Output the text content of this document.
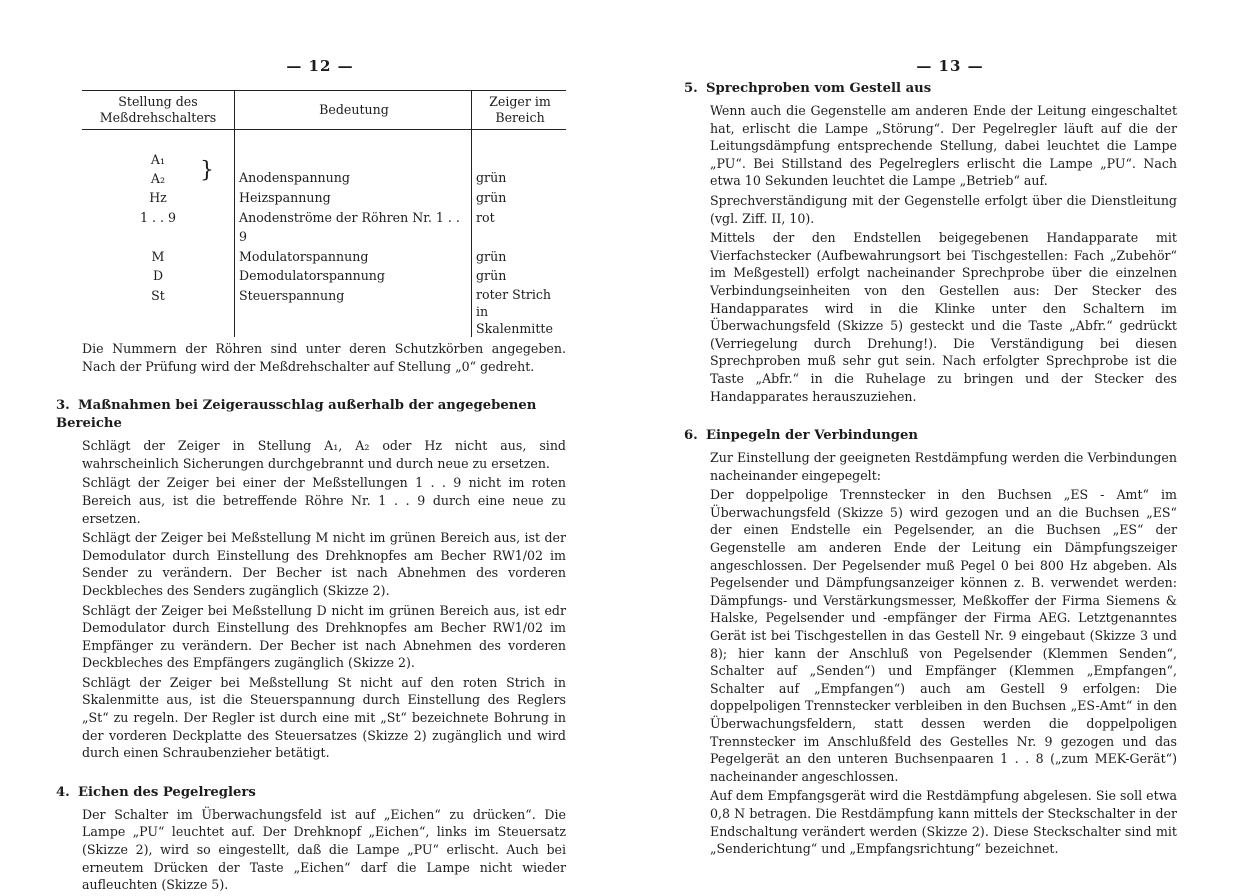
— 12 —
Stellung des Meßdrehschalters	Bedeutung	Zeiger im Bereich

A₁
A₂ }	Anodenspannung	grün
Hz	Heizspannung	grün
1 . . 9	Anodenströme der Röhren Nr. 1 . . 9	rot
M	Modulatorspannung	grün
D	Demodulatorspannung	grün
St	Steuerspannung	roter Strich in Skalenmitte

Die Nummern der Röhren sind unter deren Schutzkörben angegeben. Nach der Prüfung wird der Meßdrehschalter auf Stellung „0“ gedreht.

3. Maßnahmen bei Zeigerausschlag außerhalb der angegebenen Bereiche

Schlägt der Zeiger in Stellung A₁, A₂ oder Hz nicht aus, sind wahrscheinlich Sicherungen durchgebrannt und durch neue zu ersetzen.

Schlägt der Zeiger bei einer der Meßstellungen 1 . . 9 nicht im roten Bereich aus, ist die betreffende Röhre Nr. 1 . . 9 durch eine neue zu ersetzen.

Schlägt der Zeiger bei Meßstellung M nicht im grünen Bereich aus, ist der Demodulator durch Einstellung des Drehknopfes am Becher RW1/02 im Sender zu verändern. Der Becher ist nach Abnehmen des vorderen Deckbleches des Senders zugänglich (Skizze 2).

Schlägt der Zeiger bei Meßstellung D nicht im grünen Bereich aus, ist edr Demodulator durch Einstellung des Drehknopfes am Becher RW1/02 im Empfänger zu verändern. Der Becher ist nach Abnehmen des vorderen Deckbleches des Empfängers zugänglich (Skizze 2).

Schlägt der Zeiger bei Meßstellung St nicht auf den roten Strich in Skalenmitte aus, ist die Steuerspannung durch Einstellung des Reglers „St“ zu regeln. Der Regler ist durch eine mit „St“ bezeichnete Bohrung in der vorderen Deckplatte des Steuersatzes (Skizze 2) zugänglich und wird durch einen Schraubenzieher betätigt.

4. Eichen des Pegelreglers

Der Schalter im Überwachungsfeld ist auf „Eichen“ zu drücken“. Die Lampe „PU“ leuchtet auf. Der Drehknopf „Eichen“, links im Steuersatz (Skizze 2), wird so eingestellt, daß die Lampe „PU“ erlischt. Auch bei erneutem Drücken der Taste „Eichen“ darf die Lampe nicht wieder aufleuchten (Skizze 5).

— 13 —
5. Sprechproben vom Gestell aus

Wenn auch die Gegenstelle am anderen Ende der Leitung eingeschaltet hat, erlischt die Lampe „Störung“. Der Pegelregler läuft auf die der Leitungsdämpfung entsprechende Stellung, dabei leuchtet die Lampe „PU“. Bei Stillstand des Pegelreglers erlischt die Lampe „PU“. Nach etwa 10 Sekunden leuchtet die Lampe „Betrieb“ auf.

Sprechverständigung mit der Gegenstelle erfolgt über die Dienstleitung (vgl. Ziff. II, 10).

Mittels der den Endstellen beigegebenen Handapparate mit Vierfachstecker (Aufbewahrungsort bei Tischgestellen: Fach „Zubehör“ im Meßgestell) erfolgt nacheinander Sprechprobe über die einzelnen Verbindungseinheiten von den Gestellen aus: Der Stecker des Handapparates wird in die Klinke unter den Schaltern im Überwachungsfeld (Skizze 5) gesteckt und die Taste „Abfr.“ gedrückt (Verriegelung durch Drehung!). Die Verständigung bei diesen Sprechproben muß sehr gut sein. Nach erfolgter Sprechprobe ist die Taste „Abfr.“ in die Ruhelage zu bringen und der Stecker des Handapparates herauszuziehen.

6. Einpegeln der Verbindungen

Zur Einstellung der geeigneten Restdämpfung werden die Verbindungen nacheinander eingepegelt:

Der doppelpolige Trennstecker in den Buchsen „ES - Amt“ im Überwachungsfeld (Skizze 5) wird gezogen und an die Buchsen „ES“ der einen Endstelle ein Pegelsender, an die Buchsen „ES“ der Gegenstelle am anderen Ende der Leitung ein Dämpfungszeiger angeschlossen. Der Pegelsender muß Pegel 0 bei 800 Hz abgeben. Als Pegelsender und Dämpfungsanzeiger können z. B. verwendet werden: Dämpfungs- und Verstärkungsmesser, Meßkoffer der Firma Siemens & Halske, Pegelsender und -empfänger der Firma AEG. Letztgenanntes Gerät ist bei Tischgestellen in das Gestell Nr. 9 eingebaut (Skizze 3 und 8); hier kann der Anschluß von Pegelsender (Klemmen Senden“, Schalter auf „Senden“) und Empfänger (Klemmen „Empfangen“, Schalter auf „Empfangen“) auch am Gestell 9 erfolgen: Die doppelpoligen Trennstecker verbleiben in den Buchsen „ES-Amt“ in den Überwachungsfeldern, statt dessen werden die doppelpoligen Trennstecker im Anschlußfeld des Gestelles Nr. 9 gezogen und das Pegelgerät an den unteren Buchsenpaaren 1 . . 8 („zum MEK-Gerät“) nacheinander angeschlossen.

Auf dem Empfangsgerät wird die Restdämpfung abgelesen. Sie soll etwa 0,8 N betragen. Die Restdämpfung kann mittels der Steckschalter in der Endschaltung verändert werden (Skizze 2). Diese Steckschalter sind mit „Senderichtung“ und „Empfangsrichtung“ bezeichnet.
